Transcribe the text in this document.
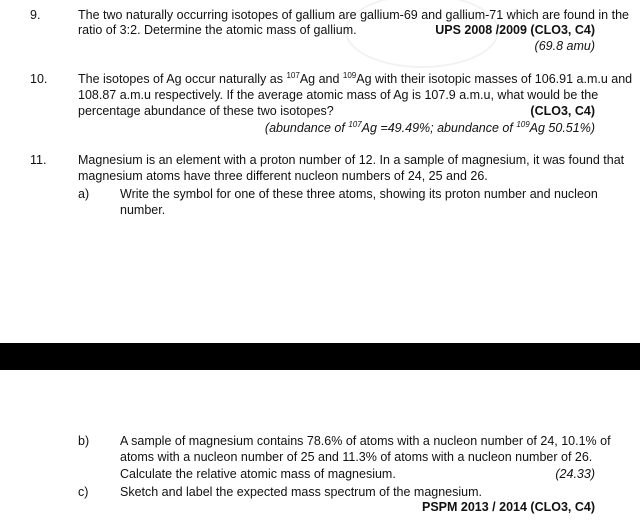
9.	The two naturally occurring isotopes of gallium are gallium-69 and gallium-71 which are found in the
ratio of 3:2. Determine the atomic mass of gallium.	UPS 2008 /2009 (CLO3, C4)
(69.8 amu)
10. The isotopes of Ag occur naturally as $^{107}$Ag and $^{109}$Ag with their isotopic masses of 106.91 a.m.u and
108.87 a.m.u respectively. If the average atomic mass of Ag is 107.9 a.m.u, what would be the
percentage abundance of these two isotopes?	(CLO3, C4)
(abundance of $^{107}$Ag =49.49%; abundance of $^{109}$Ag 50.51%)
11.	Magnesium is an element with a proton number of 12. In a sample of magnesium, it was found that
magnesium atoms have three different nucleon numbers of 24, 25 and 26.
a) Write the symbol for one of these three atoms, showing its proton number and nucleon
number.
b) A sample of magnesium contains 78.6% of atoms with a nucleon number of 24, 10.1% of
atoms with a nucleon number of 25 and 11.3% of atoms with a nucleon number of 26.
Calculate the relative atomic mass of magnesium.	(24.33)
c)	Sketch and label the expected mass spectrum of the magnesium.
PSPM 2013 / 2014 (CLO3, C4)
